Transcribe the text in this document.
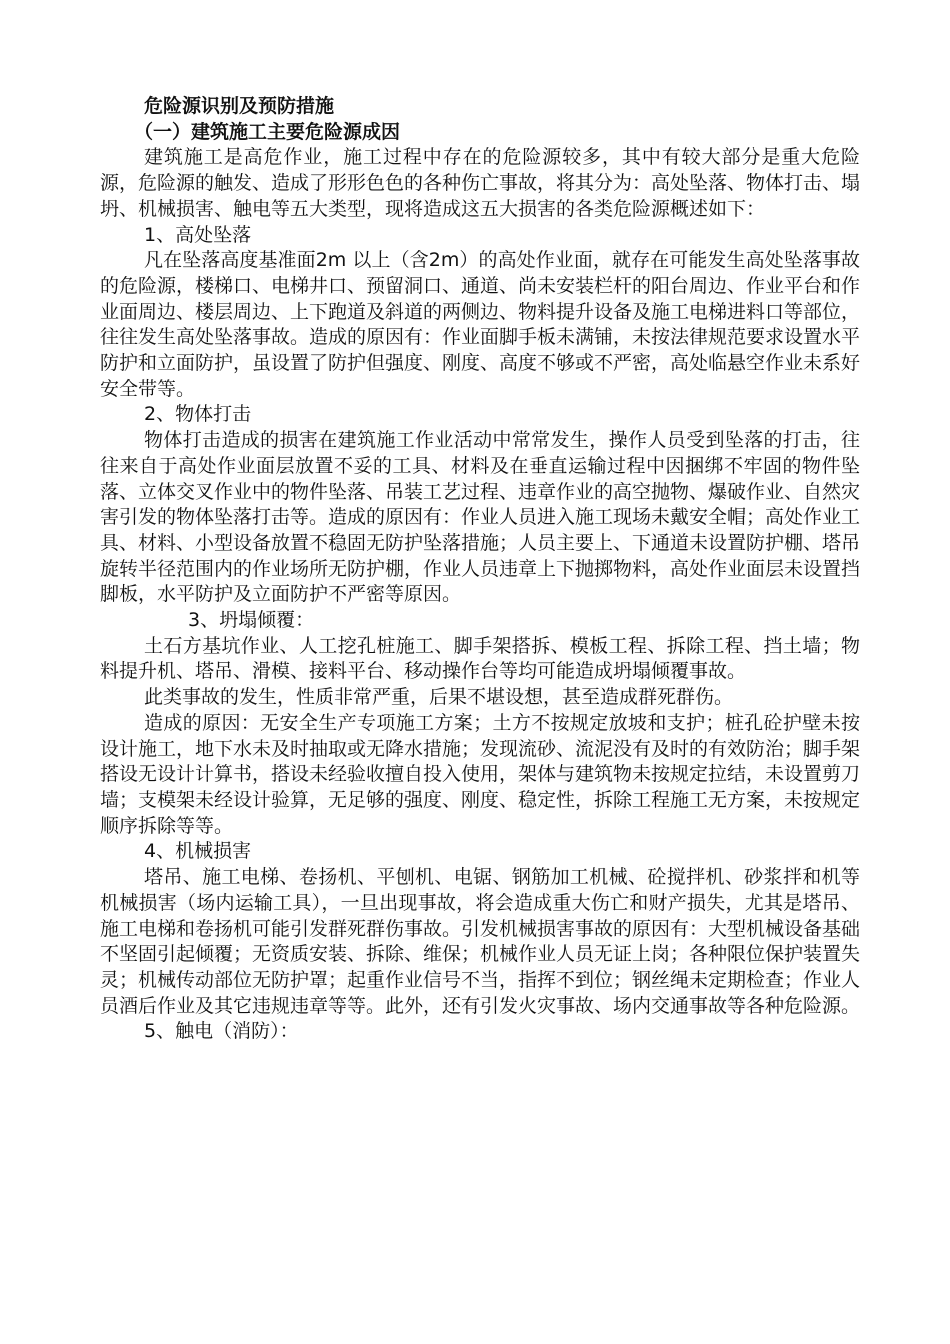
危险源识别及预防措施

（一）建筑施工主要危险源成因

建筑施工是高危作业，施工过程中存在的危险源较多，其中有较大部分是重大危险源，危险源的触发、造成了形形色色的各种伤亡事故，将其分为：高处坠落、物体打击、塌坍、机械损害、触电等五大类型，现将造成这五大损害的各类危险源概述如下：

1、高处坠落

凡在坠落高度基准面2m 以上（含2m）的高处作业面，就存在可能发生高处坠落事故的危险源，楼梯口、电梯井口、预留洞口、通道、尚未安装栏杆的阳台周边、作业平台和作业面周边、楼层周边、上下跑道及斜道的两侧边、物料提升设备及施工电梯进料口等部位，往往发生高处坠落事故。造成的原因有：作业面脚手板未满铺，未按法律规范要求设置水平防护和立面防护，虽设置了防护但强度、刚度、高度不够或不严密，高处临悬空作业未系好安全带等。

2、物体打击

物体打击造成的损害在建筑施工作业活动中常常发生，操作人员受到坠落的打击，往往来自于高处作业面层放置不妥的工具、材料及在垂直运输过程中因捆绑不牢固的物件坠落、立体交叉作业中的物件坠落、吊装工艺过程、违章作业的高空抛物、爆破作业、自然灾害引发的物体坠落打击等。造成的原因有：作业人员进入施工现场未戴安全帽；高处作业工具、材料、小型设备放置不稳固无防护坠落措施；人员主要上、下通道未设置防护棚、塔吊旋转半径范围内的作业场所无防护棚，作业人员违章上下抛掷物料，高处作业面层未设置挡脚板，水平防护及立面防护不严密等原因。

3、坍塌倾覆：

土石方基坑作业、人工挖孔桩施工、脚手架搭拆、模板工程、拆除工程、挡土墙；物料提升机、塔吊、滑模、接料平台、移动操作台等均可能造成坍塌倾覆事故。

此类事故的发生，性质非常严重，后果不堪设想，甚至造成群死群伤。

造成的原因：无安全生产专项施工方案；土方不按规定放坡和支护；桩孔砼护壁未按设计施工，地下水未及时抽取或无降水措施；发现流砂、流泥没有及时的有效防治；脚手架搭设无设计计算书，搭设未经验收擅自投入使用，架体与建筑物未按规定拉结，未设置剪刀墙；支模架未经设计验算，无足够的强度、刚度、稳定性，拆除工程施工无方案，未按规定顺序拆除等等。

4、机械损害

塔吊、施工电梯、卷扬机、平刨机、电锯、钢筋加工机械、砼搅拌机、砂浆拌和机等机械损害（场内运输工具），一旦出现事故，将会造成重大伤亡和财产损失，尤其是塔吊、施工电梯和卷扬机可能引发群死群伤事故。引发机械损害事故的原因有：大型机械设备基础不坚固引起倾覆；无资质安装、拆除、维保；机械作业人员无证上岗；各种限位保护装置失灵；机械传动部位无防护罩；起重作业信号不当，指挥不到位；钢丝绳未定期检查；作业人员酒后作业及其它违规违章等等。此外，还有引发火灾事故、场内交通事故等各种危险源。

5、触电（消防）：
